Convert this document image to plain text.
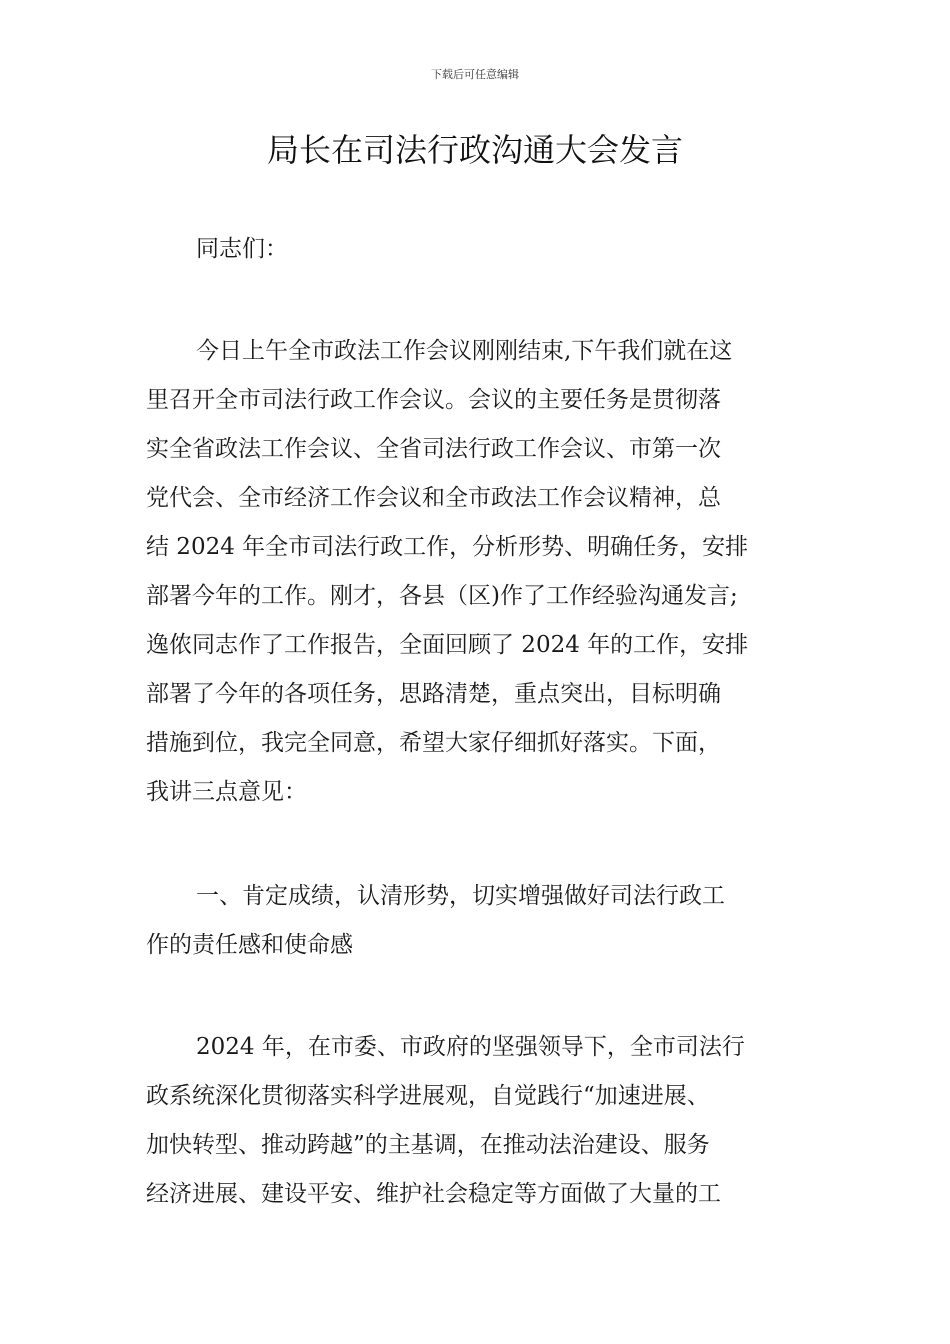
下载后可任意编辑
局长在司法行政沟通大会发言
同志们：
今日上午全市政法工作会议刚刚结束,下午我们就在这
里召开全市司法行政工作会议。会议的主要任务是贯彻落
实全省政法工作会议、全省司法行政工作会议、市第一次
党代会、全市经济工作会议和全市政法工作会议精神，总
结 2024 年全市司法行政工作，分析形势、明确任务，安排
部署今年的工作。刚才，各县（区)作了工作经验沟通发言;
逸侬同志作了工作报告，全面回顾了 2024 年的工作，安排
部署了今年的各项任务，思路清楚，重点突出，目标明确
措施到位，我完全同意，希望大家仔细抓好落实。下面，
我讲三点意见：
一、肯定成绩，认清形势，切实增强做好司法行政工
作的责任感和使命感
2024 年，在市委、市政府的坚强领导下，全市司法行
政系统深化贯彻落实科学进展观，自觉践行“加速进展、
加快转型、推动跨越”的主基调，在推动法治建设、服务
经济进展、建设平安、维护社会稳定等方面做了大量的工
